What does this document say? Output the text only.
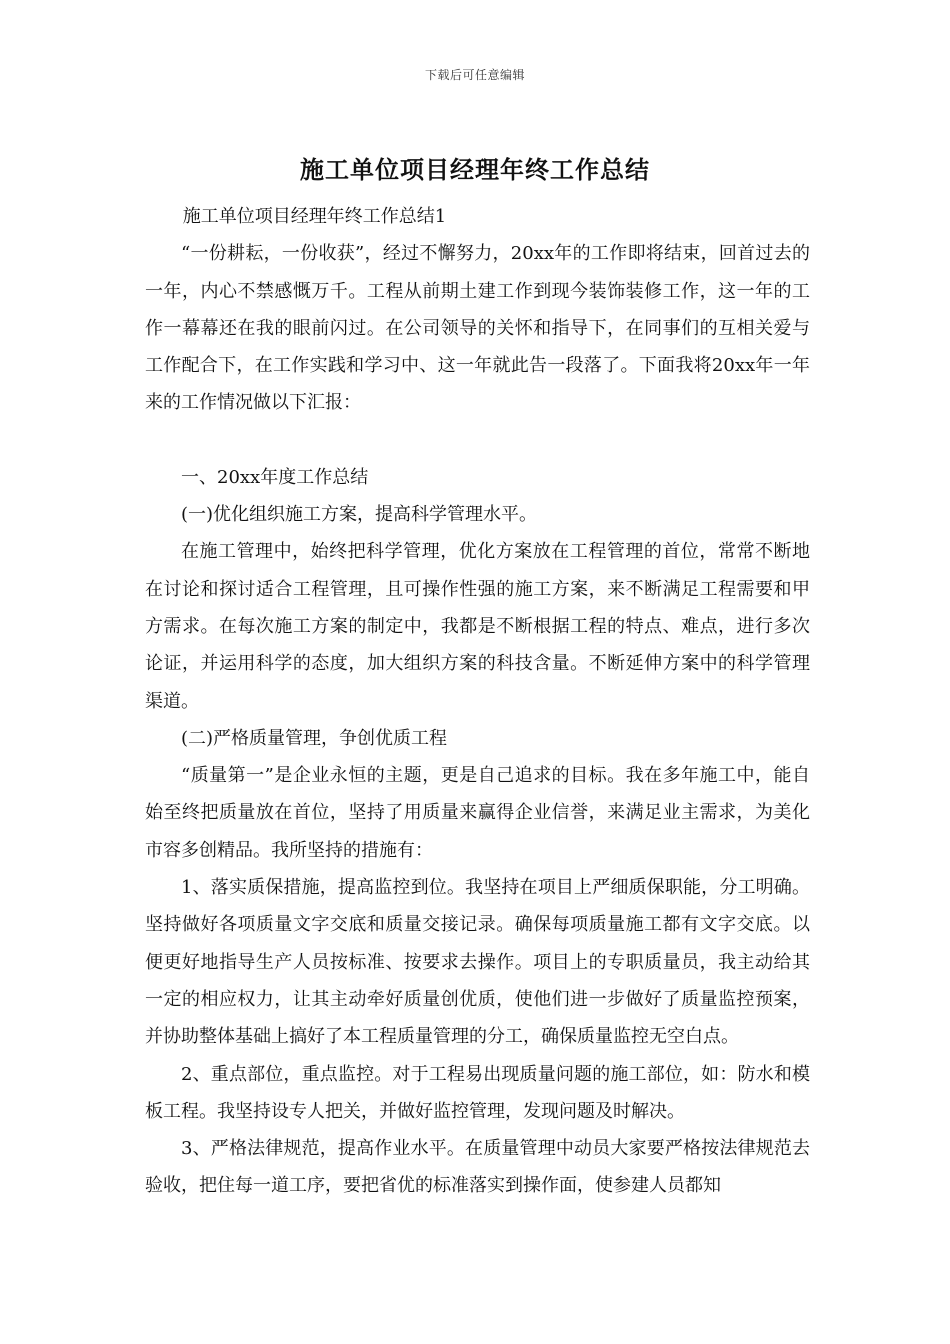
下载后可任意编辑
施工单位项目经理年终工作总结

施工单位项目经理年终工作总结1

“一份耕耘，一份收获”，经过不懈努力，20xx年的工作即将结束，回首过去的一年，内心不禁感慨万千。工程从前期土建工作到现今装饰装修工作，这一年的工作一幕幕还在我的眼前闪过。在公司领导的关怀和指导下，在同事们的互相关爱与工作配合下，在工作实践和学习中、这一年就此告一段落了。下面我将20xx年一年来的工作情况做以下汇报：

一、20xx年度工作总结

(一)优化组织施工方案，提高科学管理水平。

在施工管理中，始终把科学管理，优化方案放在工程管理的首位，常常不断地在讨论和探讨适合工程管理，且可操作性强的施工方案，来不断满足工程需要和甲方需求。在每次施工方案的制定中，我都是不断根据工程的特点、难点，进行多次论证，并运用科学的态度，加大组织方案的科技含量。不断延伸方案中的科学管理渠道。

(二)严格质量管理，争创优质工程

“质量第一”是企业永恒的主题，更是自己追求的目标。我在多年施工中，能自始至终把质量放在首位，坚持了用质量来赢得企业信誉，来满足业主需求，为美化市容多创精品。我所坚持的措施有：

1、落实质保措施，提高监控到位。我坚持在项目上严细质保职能，分工明确。坚持做好各项质量文字交底和质量交接记录。确保每项质量施工都有文字交底。以便更好地指导生产人员按标准、按要求去操作。项目上的专职质量员，我主动给其一定的相应权力，让其主动牵好质量创优质，使他们进一步做好了质量监控预案，并协助整体基础上搞好了本工程质量管理的分工，确保质量监控无空白点。

2、重点部位，重点监控。对于工程易出现质量问题的施工部位，如：防水和模板工程。我坚持设专人把关，并做好监控管理，发现问题及时解决。

3、严格法律规范，提高作业水平。在质量管理中动员大家要严格按法律规范去验收，把住每一道工序，要把省优的标准落实到操作面，使参建人员都知
